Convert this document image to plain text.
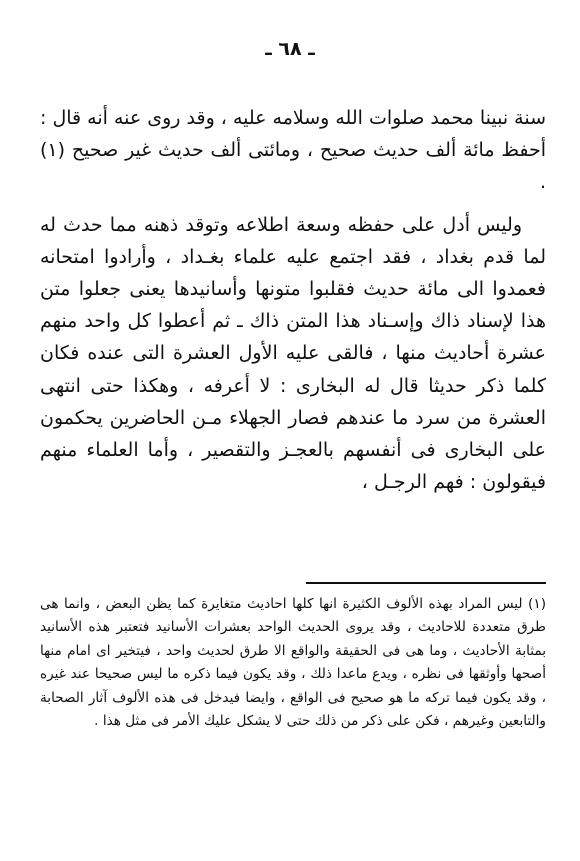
ـ ٦٨ ـ

سنة نبينا محمد صلوات الله وسلامه عليه ، وقد روى عنه أنه قال : أحفظ مائة ألف حديث صحيح ، ومائتى ألف حديث غير صحيح (١) .

وليس أدل على حفظه وسعة اطلاعه وتوقد ذهنه مما حدث له لما قدم بغداد ، فقد اجتمع عليه علماء بغـداد ، وأرادوا امتحانه فعمدوا الى مائة حديث فقلبوا متونها وأسانيدها يعنى جعلوا متن هذا لإسناد ذاك وإسـناد هذا المتن ذاك ـ ثم أعطوا كل واحد منهم عشرة أحاديث منها ، فالقى عليه الأول العشرة التى عنده فكان كلما ذكر حديثا قال له البخارى : لا أعرفه ، وهكذا حتى انتهى العشرة من سرد ما عندهم فصار الجهلاء مـن الحاضرين يحكمون على البخارى فى أنفسهم بالعجـز والتقصير ، وأما العلماء منهم فيقولون : فهم الرجـل ،

(١) ليس المراد بهذه الألوف الكثيرة انها كلها احاديث متغايرة كما يظن البعض ، وانما هى طرق متعددة للاحاديث ، وقد يروى الحديث الواحد بعشرات الأسانيد فتعتبر هذه الأسانيد بمثابة الأحاديث ، وما هى فى الحقيقة والواقع الا طرق لحديث واحد ، فيتخير اى امام منها أصحها وأوثقها فى نظره ، ويدع ماعدا ذلك ، وقد يكون فيما ذكره ما ليس صحيحا عند غيره ، وقد يكون فيما تركه ما هو صحيح فى الواقع ، وايضا فيدخل فى هذه الألوف آثار الصحابة والتابعين وغيرهم ، فكن على ذكر من ذلك حتى لا يشكل عليك الأمر فى مثل هذا .
